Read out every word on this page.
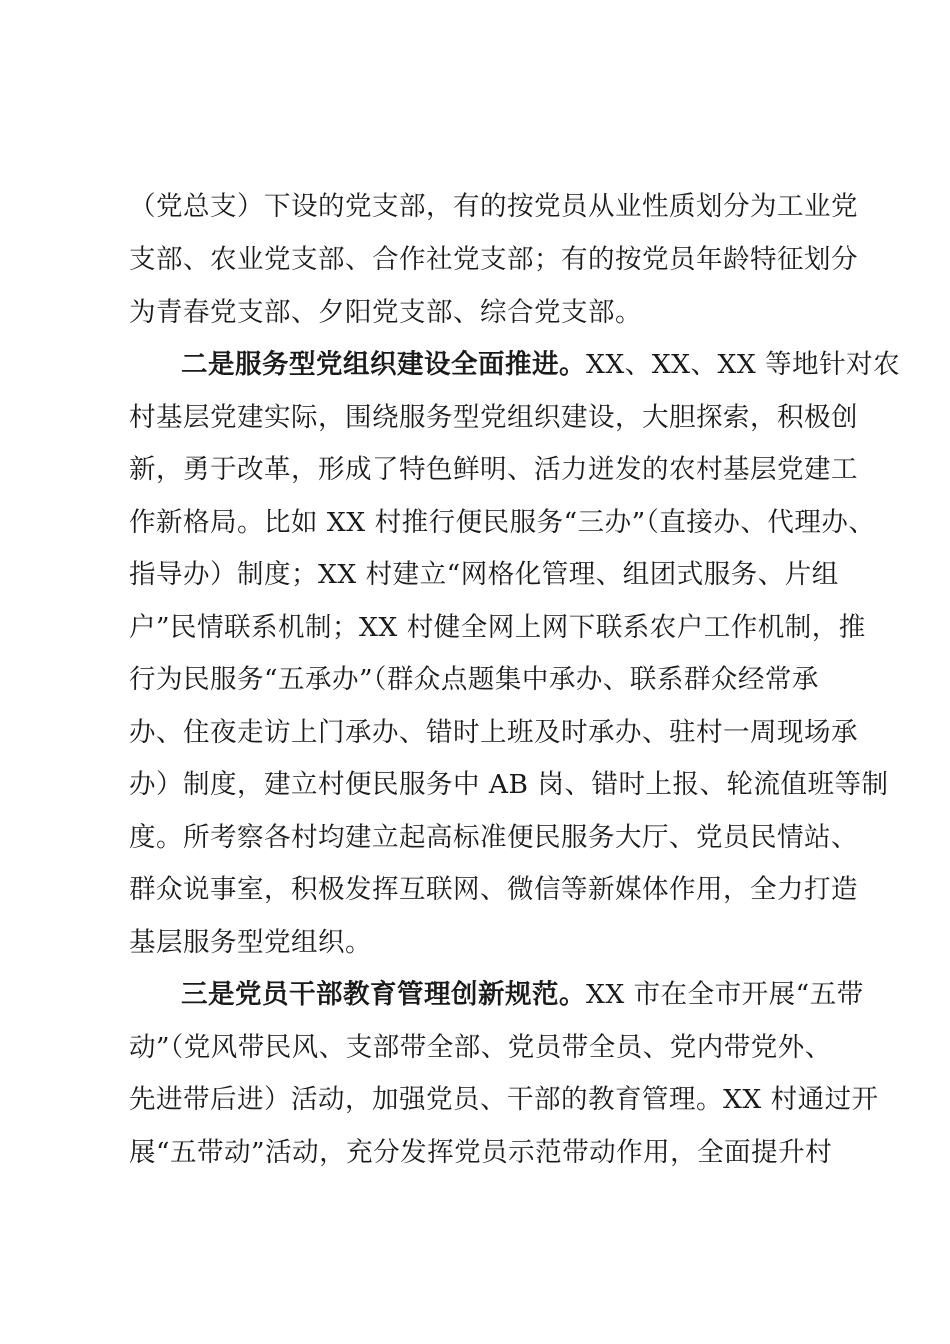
（党总支）下设的党支部，有的按党员从业性质划分为工业党
支部、农业党支部、合作社党支部；有的按党员年龄特征划分
为青春党支部、夕阳党支部、综合党支部。
二是服务型党组织建设全面推进。XX、XX、XX 等地针对农
村基层党建实际，围绕服务型党组织建设，大胆探索，积极创
新，勇于改革，形成了特色鲜明、活力迸发的农村基层党建工
作新格局。比如 XX 村推行便民服务“三办”（直接办、代理办、
指导办）制度；XX 村建立“网格化管理、组团式服务、片组
户”民情联系机制；XX 村健全网上网下联系农户工作机制，推
行为民服务“五承办”（群众点题集中承办、联系群众经常承
办、住夜走访上门承办、错时上班及时承办、驻村一周现场承
办）制度，建立村便民服务中 AB 岗、错时上报、轮流值班等制
度。所考察各村均建立起高标准便民服务大厅、党员民情站、
群众说事室，积极发挥互联网、微信等新媒体作用，全力打造
基层服务型党组织。
三是党员干部教育管理创新规范。XX 市在全市开展“五带
动”（党风带民风、支部带全部、党员带全员、党内带党外、
先进带后进）活动，加强党员、干部的教育管理。XX 村通过开
展“五带动”活动，充分发挥党员示范带动作用，全面提升村
